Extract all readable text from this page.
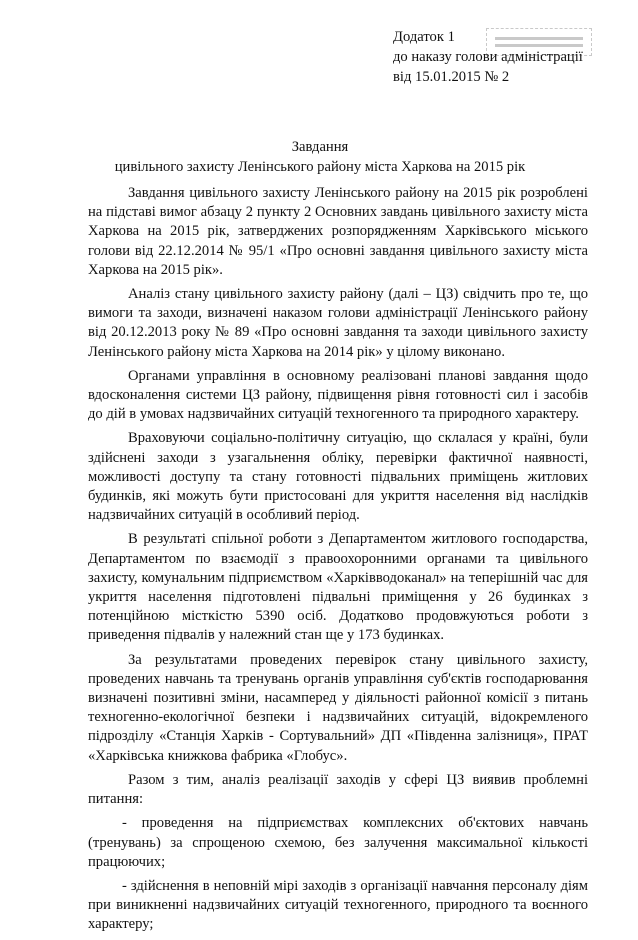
Додаток 1
до наказу голови адміністрації
від 15.01.2015 № 2
Завдання
цивільного захисту Ленінського району міста Харкова на 2015 рік

Завдання цивільного захисту Ленінського району на 2015 рік розроблені на підставі вимог абзацу 2 пункту 2 Основних завдань цивільного захисту міста Харкова на 2015 рік, затверджених розпорядженням Харківського міського голови від 22.12.2014 № 95/1 «Про основні завдання цивільного захисту міста Харкова на 2015 рік».

Аналіз стану цивільного захисту району (далі – ЦЗ) свідчить про те, що вимоги та заходи, визначені наказом голови адміністрації Ленінського району від 20.12.2013 року № 89 «Про основні завдання та заходи цивільного захисту Ленінського району міста Харкова на 2014 рік» у цілому виконано.

Органами управління в основному реалізовані планові завдання щодо вдосконалення системи ЦЗ району, підвищення рівня готовності сил і засобів до дій в умовах надзвичайних ситуацій техногенного та природного характеру.

Враховуючи соціально-політичну ситуацію, що склалася у країні, були здійснені заходи з узагальнення обліку, перевірки фактичної наявності, можливості доступу та стану готовності підвальних приміщень житлових будинків, які можуть бути пристосовані для укриття населення від наслідків надзвичайних ситуацій в особливий період.

В результаті спільної роботи з Департаментом житлового господарства, Департаментом по взаємодії з правоохоронними органами та цивільного захисту, комунальним підприємством «Харківводоканал» на теперішній час для укриття населення підготовлені підвальні приміщення у 26 будинках з потенційною місткістю 5390 осіб. Додатково продовжуються роботи з приведення підвалів у належний стан ще у 173 будинках.

За результатами проведених перевірок стану цивільного захисту, проведених навчань та тренувань органів управління суб'єктів господарювання визначені позитивні зміни, насамперед у діяльності районної комісії з питань техногенно-екологічної безпеки і надзвичайних ситуацій, відокремленого підрозділу «Станція Харків - Сортувальний» ДП «Південна залізниця», ПРАТ «Харківська книжкова фабрика «Глобус».

Разом з тим, аналіз реалізації заходів у сфері ЦЗ виявив проблемні питання:

- проведення на підприємствах комплексних об'єктових навчань (тренувань) за спрощеною схемою, без залучення максимальної кількості працюючих;

- здійснення в неповній мірі заходів з організації навчання персоналу діям при виникненні надзвичайних ситуацій техногенного, природного та воєнного характеру;
